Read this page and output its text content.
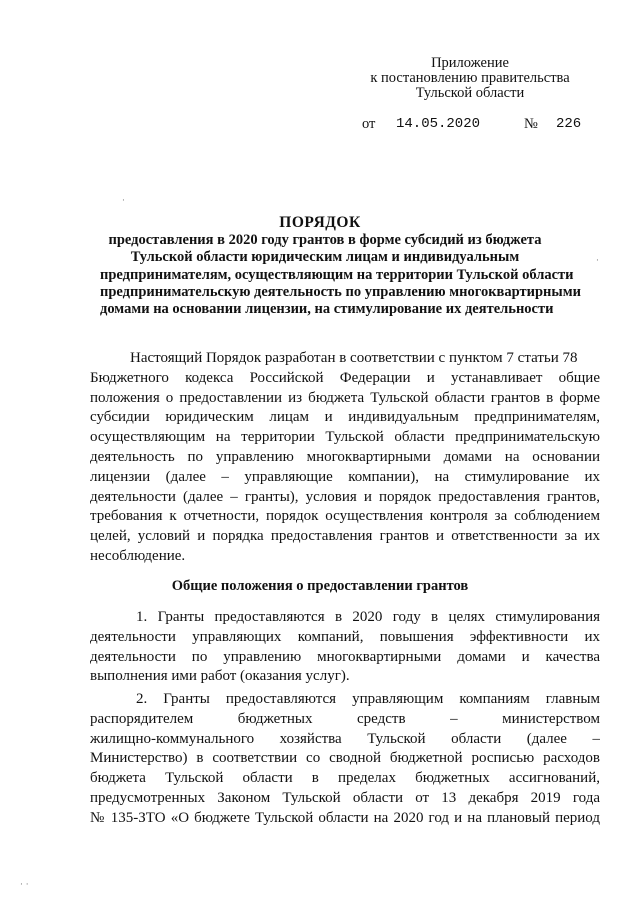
Приложение
к постановлению правительства
Тульской области
от 14.05.2020	№ 226
ПОРЯДОК
предоставления в 2020 году грантов в форме субсидий из бюджета
Тульской области юридическим лицам и индивидуальным
предпринимателям, осуществляющим на территории Тульской области
предпринимательскую деятельность по управлению многоквартирными
домами на основании лицензии, на стимулирование их деятельности
Настоящий Порядок разработан в соответствии с пунктом 7 статьи 78
Бюджетного кодекса Российской Федерации и устанавливает общие
положения о предоставлении из бюджета Тульской области грантов в форме
субсидии юридическим лицам и индивидуальным предпринимателям,
осуществляющим на территории Тульской области предпринимательскую
деятельность по управлению многоквартирными домами на основании
лицензии (далее – управляющие компании), на стимулирование их
деятельности (далее – гранты), условия и порядок предоставления грантов,
требования к отчетности, порядок осуществления контроля за соблюдением
целей, условий и порядка предоставления грантов и ответственности за их
несоблюдение.
Общие положения о предоставлении грантов
1. Гранты предоставляются в 2020 году в целях стимулирования
деятельности управляющих компаний, повышения эффективности их
деятельности по управлению многоквартирными домами и качества
выполнения ими работ (оказания услуг).
2. Гранты предоставляются управляющим компаниям главным
распорядителем бюджетных средств – министерством
жилищно-коммунального хозяйства Тульской области (далее –
Министерство) в соответствии со сводной бюджетной росписью расходов
бюджета Тульской области в пределах бюджетных ассигнований,
предусмотренных Законом Тульской области от 13 декабря 2019 года
№ 135-ЗТО «О бюджете Тульской области на 2020 год и на плановый период
·
·
· ·
